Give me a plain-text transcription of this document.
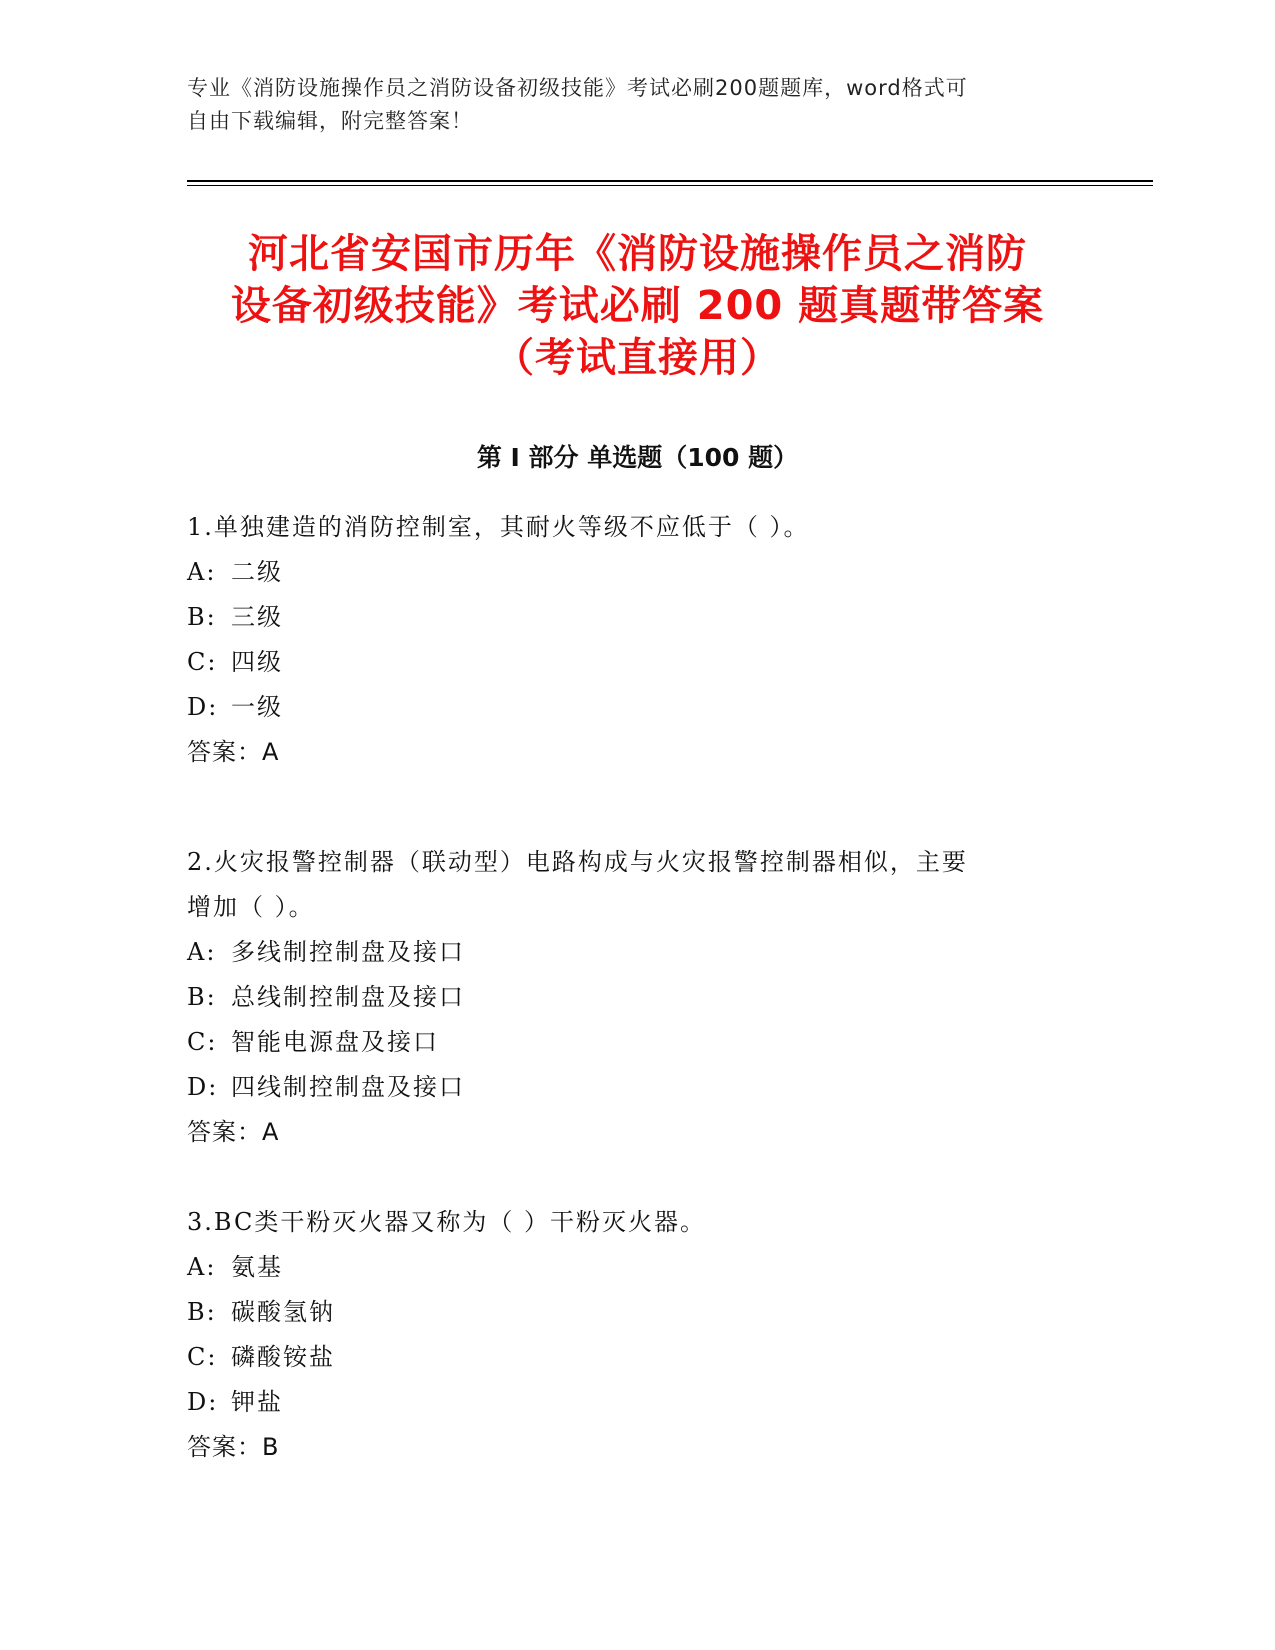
专业《消防设施操作员之消防设备初级技能》考试必刷200题题库，word格式可
自由下载编辑，附完整答案！
河北省安国市历年《消防设施操作员之消防
设备初级技能》考试必刷 200 题真题带答案
（考试直接用）
第 I 部分 单选题（100 题）

1.单独建造的消防控制室，其耐火等级不应低于（ ）。

A: 二级

B: 三级

C: 四级

D: 一级

答案：A

2.火灾报警控制器（联动型）电路构成与火灾报警控制器相似，主要

增加（ ）。

A: 多线制控制盘及接口

B: 总线制控制盘及接口

C: 智能电源盘及接口

D: 四线制控制盘及接口

答案：A

3.BC类干粉灭火器又称为（ ）干粉灭火器。

A: 氨基

B: 碳酸氢钠

C: 磷酸铵盐

D: 钾盐

答案：B
